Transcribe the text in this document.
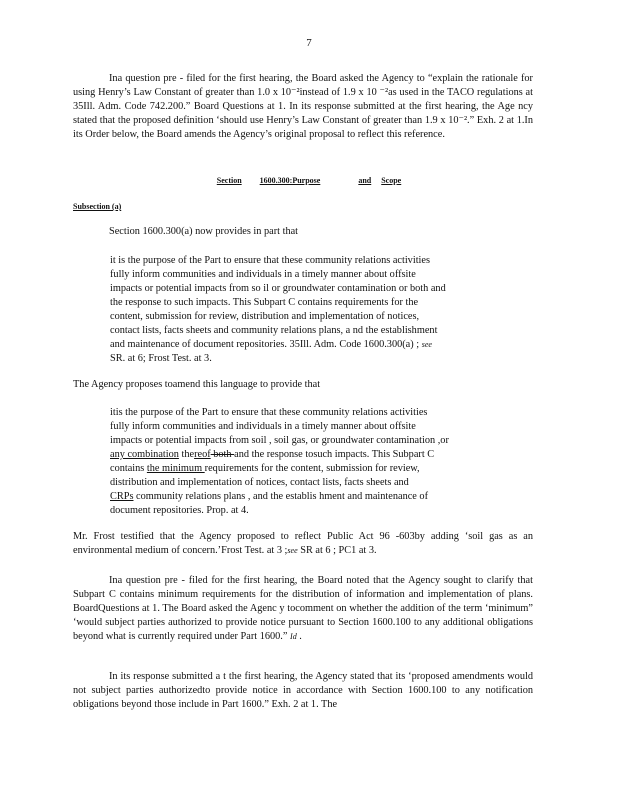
7

Ina question pre - filed for the first hearing, the Board asked the Agency to “explain the rationale for using Henry’s Law Constant of greater than 1.0 x 10⁻²instead of 1.9 x 10 ⁻²as used in the TACO regulations at 35Ill. Adm. Code 742.200.” Board Questions at 1. In its response submitted at the first hearing, the Age ncy stated that the proposed definition ‘should use Henry’s Law Constant of greater than 1.9 x 10⁻².” Exh. 2 at 1.In its Order below, the Board amends the Agency’s original proposal to reflect this reference.

Section 1600.300:Purpose	and Scope

Subsection (a)

Section 1600.300(a) now provides in part that

it is the purpose of the Part to ensure that these community relations activities
fully inform communities and individuals in a timely manner about offsite
impacts or potential impacts from so il or groundwater contamination or both and
the response to such impacts. This Subpart C contains requirements for the
content, submission for review, distribution and implementation of notices,
contact lists, facts sheets and community relations plans, a nd the establishment
and maintenance of document repositories. 35Ill. Adm. Code 1600.300(a) ; see
SR. at 6; Frost Test. at 3.

The Agency proposes toamend this language to provide that

itis the purpose of the Part to ensure that these community relations activities
fully inform communities and individuals in a timely manner about offsite
impacts or potential impacts from soil , soil gas, or groundwater contamination ,or
any combination thereof both and the response tosuch impacts. This Subpart C
contains the minimum requirements for the content, submission for review,
distribution and implementation of notices, contact lists, facts sheets and
CRPs community relations plans , and the establis hment and maintenance of
document repositories. Prop. at 4.

Mr. Frost testified that the Agency proposed to reflect Public Act 96 -603by adding ‘soil gas as an environmental medium of concern.’Frost Test. at 3 ;see SR at 6 ; PC1 at 3.

Ina question pre - filed for the first hearing, the Board noted that the Agency sought to clarify that Subpart C contains minimum requirements for the distribution of information and implementation of plans. BoardQuestions at 1. The Board asked the Agenc y tocomment on whether the addition of the term ‘minimum” ‘would subject parties authorized to provide notice pursuant to Section 1600.100 to any additional obligations beyond what is currently required under Part 1600.” Id .

In its response submitted a t the first hearing, the Agency stated that its ‘proposed amendments would not subject parties authorizedto provide notice in accordance with Section 1600.100 to any notification obligations beyond those include in Part 1600.” Exh. 2 at 1. The
